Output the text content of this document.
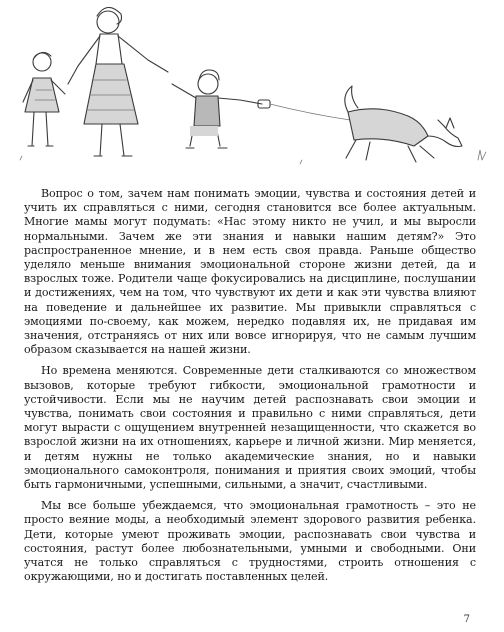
Вопрос о том, зачем нам понимать эмоции, чувства и состояния детей и учить их справляться с ними, сегодня становится все более актуальным. Многие мамы могут подумать: «Нас этому никто не учил, и мы выросли нормальными. Зачем же эти знания и навыки нашим детям?» Это распространенное мнение, и в нем есть своя правда. Раньше общество уделяло меньше внимания эмоциональной стороне жизни детей, да и взрослых тоже. Родители чаще фокусировались на дисциплине, послушании и достижениях, чем на том, что чувствуют их дети и как эти чувства влияют на поведение и дальнейшее их развитие. Мы привыкли справляться с эмоциями по-своему, как можем, нередко подавляя их, не придавая им значения, отстраняясь от них или вовсе игнорируя, что не самым лучшим образом сказывается на нашей жизни.

Но времена меняются. Современные дети сталкиваются со множеством вызовов, которые требуют гибкости, эмоциональной грамотности и устойчивости. Если мы не научим детей распознавать свои эмоции и чувства, понимать свои состояния и правильно с ними справляться, дети могут вырасти с ощущением внутренней незащищенности, что скажется во взрослой жизни на их отношениях, карьере и личной жизни. Мир меняется, и детям нужны не только академические знания, но и навыки эмоционального самоконтроля, понимания и приятия своих эмоций, чтобы быть гармоничными, успешными, сильными, а значит, счастливыми.

Мы все больше убеждаемся, что эмоциональная грамотность – это не просто веяние моды, а необходимый элемент здорового развития ребенка. Дети, которые умеют проживать эмоции, распознавать свои чувства и состояния, растут более любознательными, умными и свободными. Они учатся не только справляться с трудностями, строить отношения с окружающими, но и достигать поставленных целей.

7
